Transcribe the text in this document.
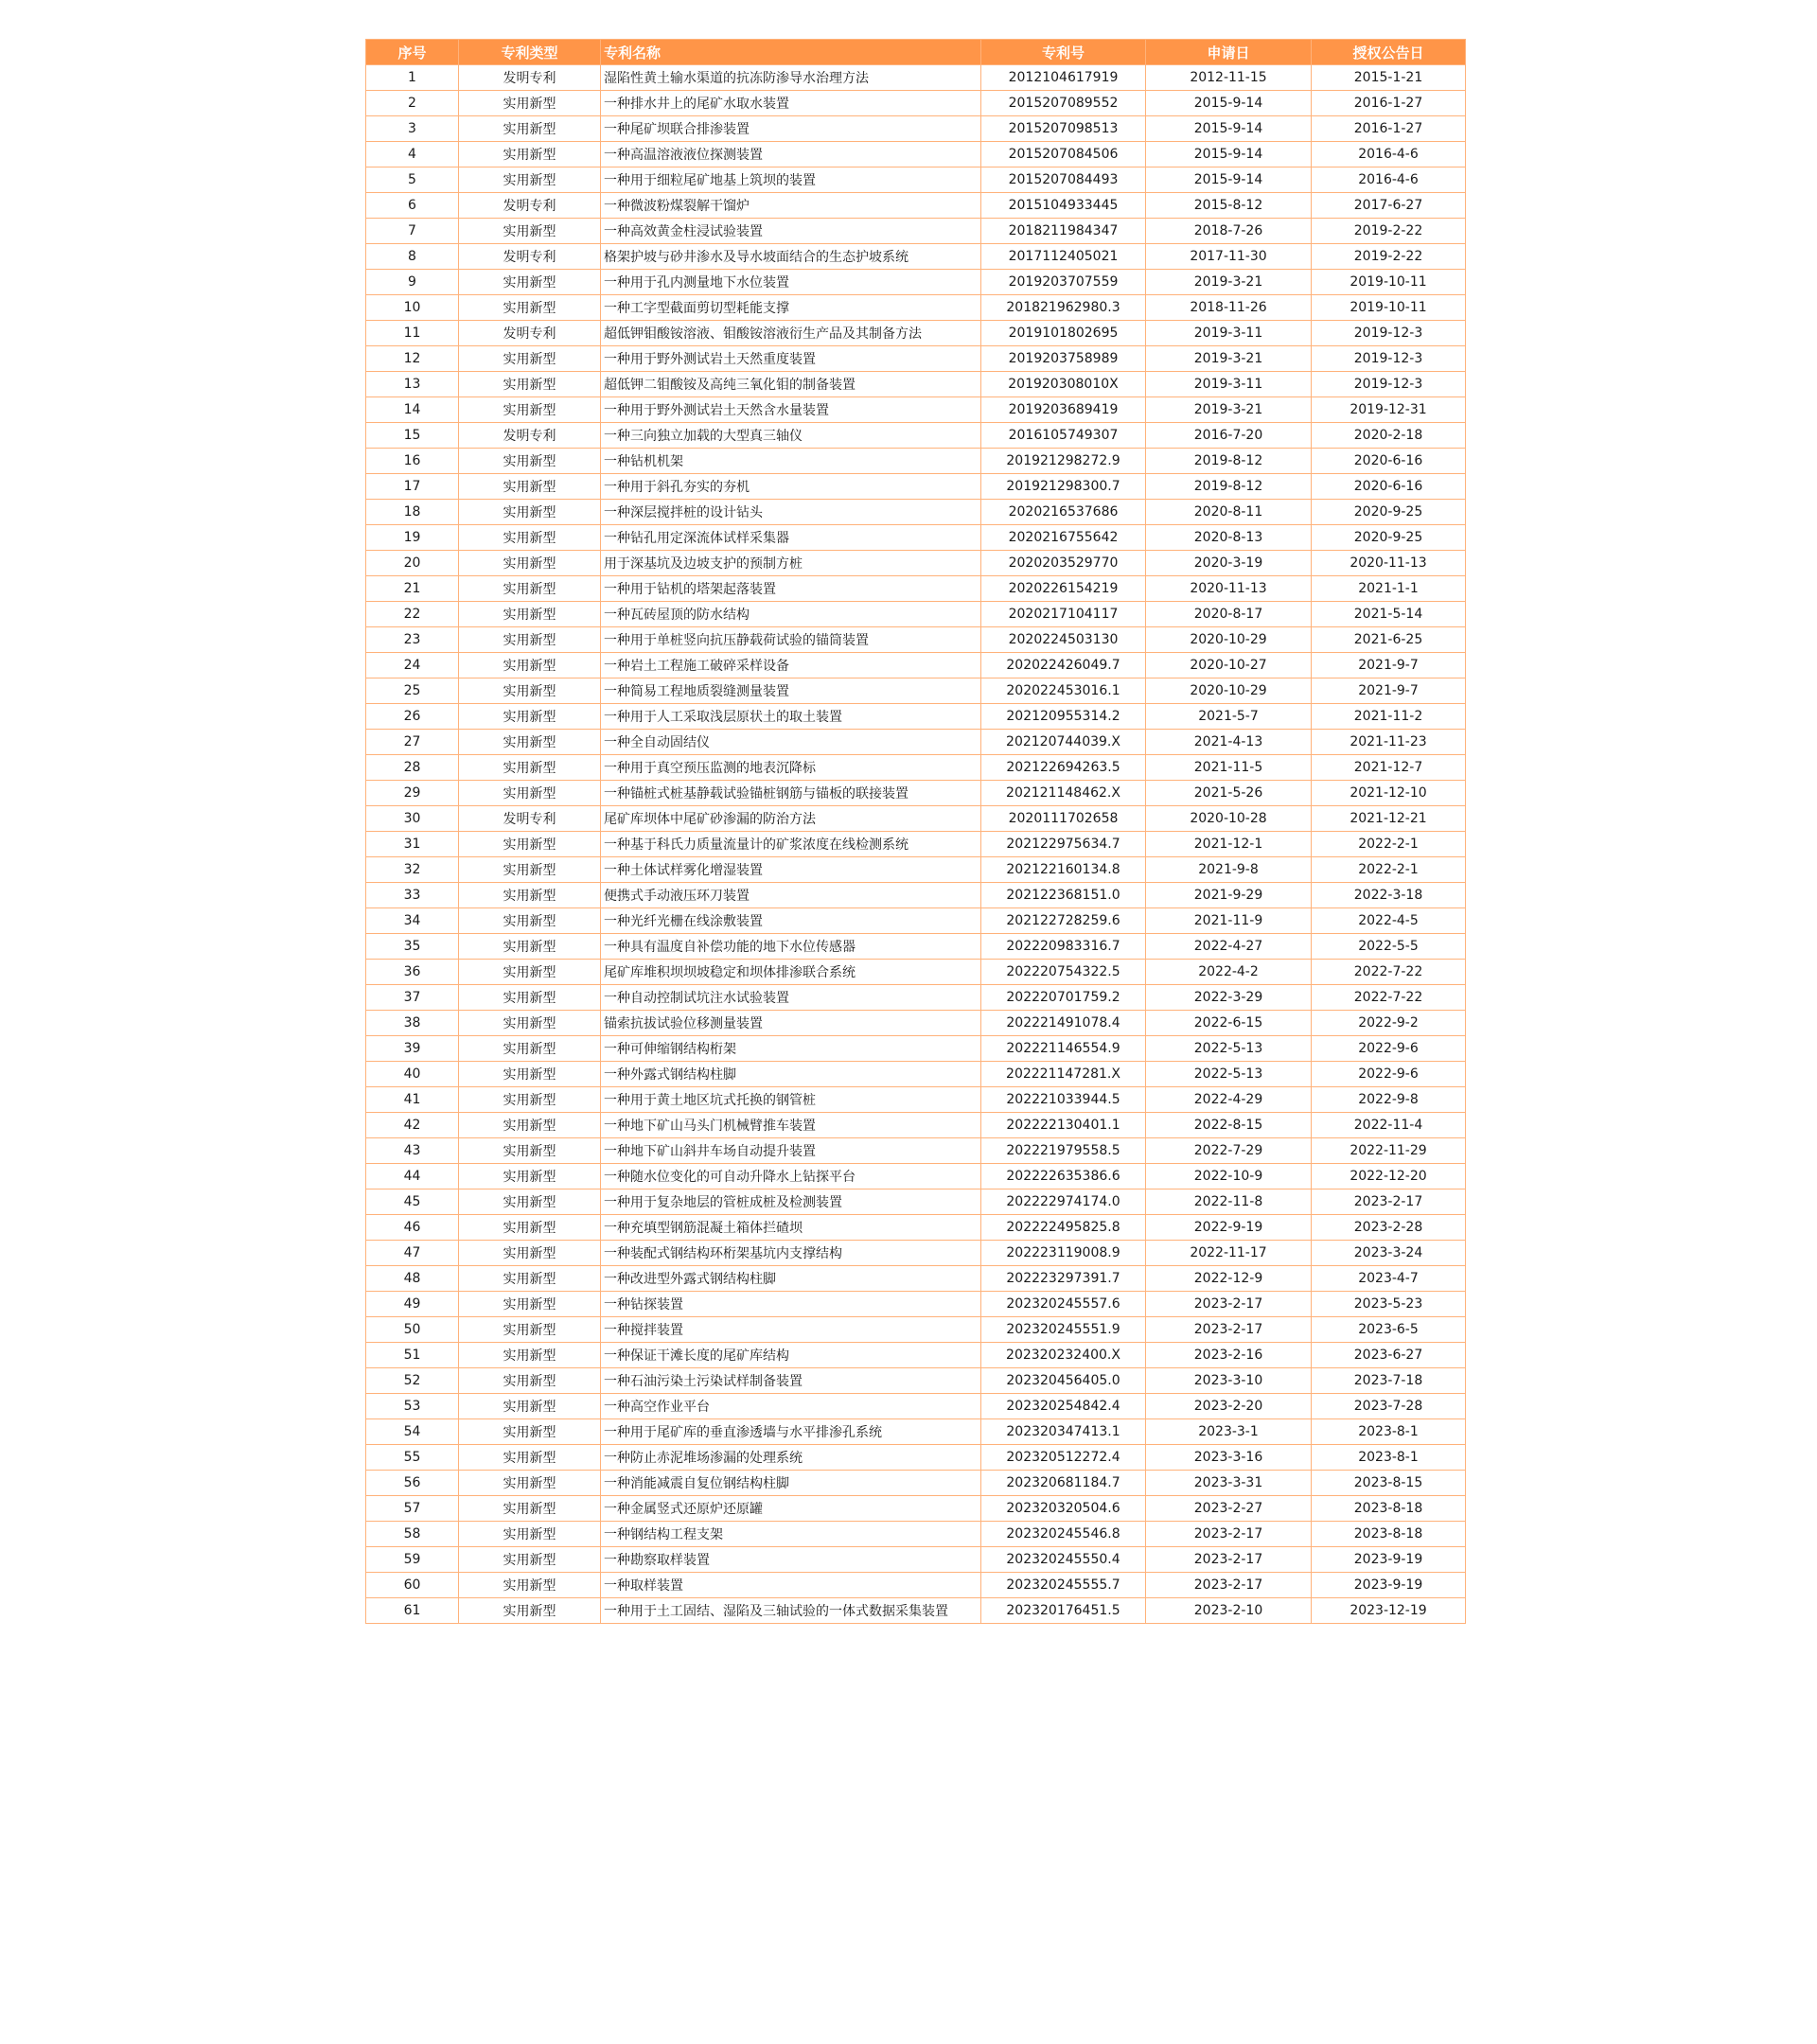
序号	专利类型	专利名称	专利号	申请日	授权公告日
1	发明专利	湿陷性黄土输水渠道的抗冻防渗导水治理方法	2012104617919	2012-11-15	2015-1-21
2	实用新型	一种排水井上的尾矿水取水装置	2015207089552	2015-9-14	2016-1-27
3	实用新型	一种尾矿坝联合排渗装置	2015207098513	2015-9-14	2016-1-27
4	实用新型	一种高温溶液液位探测装置	2015207084506	2015-9-14	2016-4-6
5	实用新型	一种用于细粒尾矿地基上筑坝的装置	2015207084493	2015-9-14	2016-4-6
6	发明专利	一种微波粉煤裂解干馏炉	2015104933445	2015-8-12	2017-6-27
7	实用新型	一种高效黄金柱浸试验装置	2018211984347	2018-7-26	2019-2-22
8	发明专利	格架护坡与砂井渗水及导水坡面结合的生态护坡系统	2017112405021	2017-11-30	2019-2-22
9	实用新型	一种用于孔内测量地下水位装置	2019203707559	2019-3-21	2019-10-11
10	实用新型	一种工字型截面剪切型耗能支撑	201821962980.3	2018-11-26	2019-10-11
11	发明专利	超低钾钼酸铵溶液、钼酸铵溶液衍生产品及其制备方法	2019101802695	2019-3-11	2019-12-3
12	实用新型	一种用于野外测试岩土天然重度装置	2019203758989	2019-3-21	2019-12-3
13	实用新型	超低钾二钼酸铵及高纯三氧化钼的制备装置	201920308010X	2019-3-11	2019-12-3
14	实用新型	一种用于野外测试岩土天然含水量装置	2019203689419	2019-3-21	2019-12-31
15	发明专利	一种三向独立加载的大型真三轴仪	2016105749307	2016-7-20	2020-2-18
16	实用新型	一种钻机机架	201921298272.9	2019-8-12	2020-6-16
17	实用新型	一种用于斜孔夯实的夯机	201921298300.7	2019-8-12	2020-6-16
18	实用新型	一种深层搅拌桩的设计钻头	2020216537686	2020-8-11	2020-9-25
19	实用新型	一种钻孔用定深流体试样采集器	2020216755642	2020-8-13	2020-9-25
20	实用新型	用于深基坑及边坡支护的预制方桩	2020203529770	2020-3-19	2020-11-13
21	实用新型	一种用于钻机的塔架起落装置	2020226154219	2020-11-13	2021-1-1
22	实用新型	一种瓦砖屋顶的防水结构	2020217104117	2020-8-17	2021-5-14
23	实用新型	一种用于单桩竖向抗压静载荷试验的锚筒装置	2020224503130	2020-10-29	2021-6-25
24	实用新型	一种岩土工程施工破碎采样设备	202022426049.7	2020-10-27	2021-9-7
25	实用新型	一种简易工程地质裂缝测量装置	202022453016.1	2020-10-29	2021-9-7
26	实用新型	一种用于人工采取浅层原状土的取土装置	202120955314.2	2021-5-7	2021-11-2
27	实用新型	一种全自动固结仪	202120744039.X	2021-4-13	2021-11-23
28	实用新型	一种用于真空预压监测的地表沉降标	202122694263.5	2021-11-5	2021-12-7
29	实用新型	一种锚桩式桩基静载试验锚桩钢筋与锚板的联接装置	202121148462.X	2021-5-26	2021-12-10
30	发明专利	尾矿库坝体中尾矿砂渗漏的防治方法	2020111702658	2020-10-28	2021-12-21
31	实用新型	一种基于科氏力质量流量计的矿浆浓度在线检测系统	202122975634.7	2021-12-1	2022-2-1
32	实用新型	一种土体试样雾化增湿装置	202122160134.8	2021-9-8	2022-2-1
33	实用新型	便携式手动液压环刀装置	202122368151.0	2021-9-29	2022-3-18
34	实用新型	一种光纤光栅在线涂敷装置	202122728259.6	2021-11-9	2022-4-5
35	实用新型	一种具有温度自补偿功能的地下水位传感器	202220983316.7	2022-4-27	2022-5-5
36	实用新型	尾矿库堆积坝坝坡稳定和坝体排渗联合系统	202220754322.5	2022-4-2	2022-7-22
37	实用新型	一种自动控制试坑注水试验装置	202220701759.2	2022-3-29	2022-7-22
38	实用新型	锚索抗拔试验位移测量装置	202221491078.4	2022-6-15	2022-9-2
39	实用新型	一种可伸缩钢结构桁架	202221146554.9	2022-5-13	2022-9-6
40	实用新型	一种外露式钢结构柱脚	202221147281.X	2022-5-13	2022-9-6
41	实用新型	一种用于黄土地区坑式托换的钢管桩	202221033944.5	2022-4-29	2022-9-8
42	实用新型	一种地下矿山马头门机械臂推车装置	202222130401.1	2022-8-15	2022-11-4
43	实用新型	一种地下矿山斜井车场自动提升装置	202221979558.5	2022-7-29	2022-11-29
44	实用新型	一种随水位变化的可自动升降水上钻探平台	202222635386.6	2022-10-9	2022-12-20
45	实用新型	一种用于复杂地层的管桩成桩及检测装置	202222974174.0	2022-11-8	2023-2-17
46	实用新型	一种充填型钢筋混凝土箱体拦碴坝	202222495825.8	2022-9-19	2023-2-28
47	实用新型	一种装配式钢结构环桁架基坑内支撑结构	202223119008.9	2022-11-17	2023-3-24
48	实用新型	一种改进型外露式钢结构柱脚	202223297391.7	2022-12-9	2023-4-7
49	实用新型	一种钻探装置	202320245557.6	2023-2-17	2023-5-23
50	实用新型	一种搅拌装置	202320245551.9	2023-2-17	2023-6-5
51	实用新型	一种保证干滩长度的尾矿库结构	202320232400.X	2023-2-16	2023-6-27
52	实用新型	一种石油污染土污染试样制备装置	202320456405.0	2023-3-10	2023-7-18
53	实用新型	一种高空作业平台	202320254842.4	2023-2-20	2023-7-28
54	实用新型	一种用于尾矿库的垂直渗透墙与水平排渗孔系统	202320347413.1	2023-3-1	2023-8-1
55	实用新型	一种防止赤泥堆场渗漏的处理系统	202320512272.4	2023-3-16	2023-8-1
56	实用新型	一种消能减震自复位钢结构柱脚	202320681184.7	2023-3-31	2023-8-15
57	实用新型	一种金属竖式还原炉还原罐	202320320504.6	2023-2-27	2023-8-18
58	实用新型	一种钢结构工程支架	202320245546.8	2023-2-17	2023-8-18
59	实用新型	一种勘察取样装置	202320245550.4	2023-2-17	2023-9-19
60	实用新型	一种取样装置	202320245555.7	2023-2-17	2023-9-19
61	实用新型	一种用于土工固结、湿陷及三轴试验的一体式数据采集装置	202320176451.5	2023-2-10	2023-12-19
